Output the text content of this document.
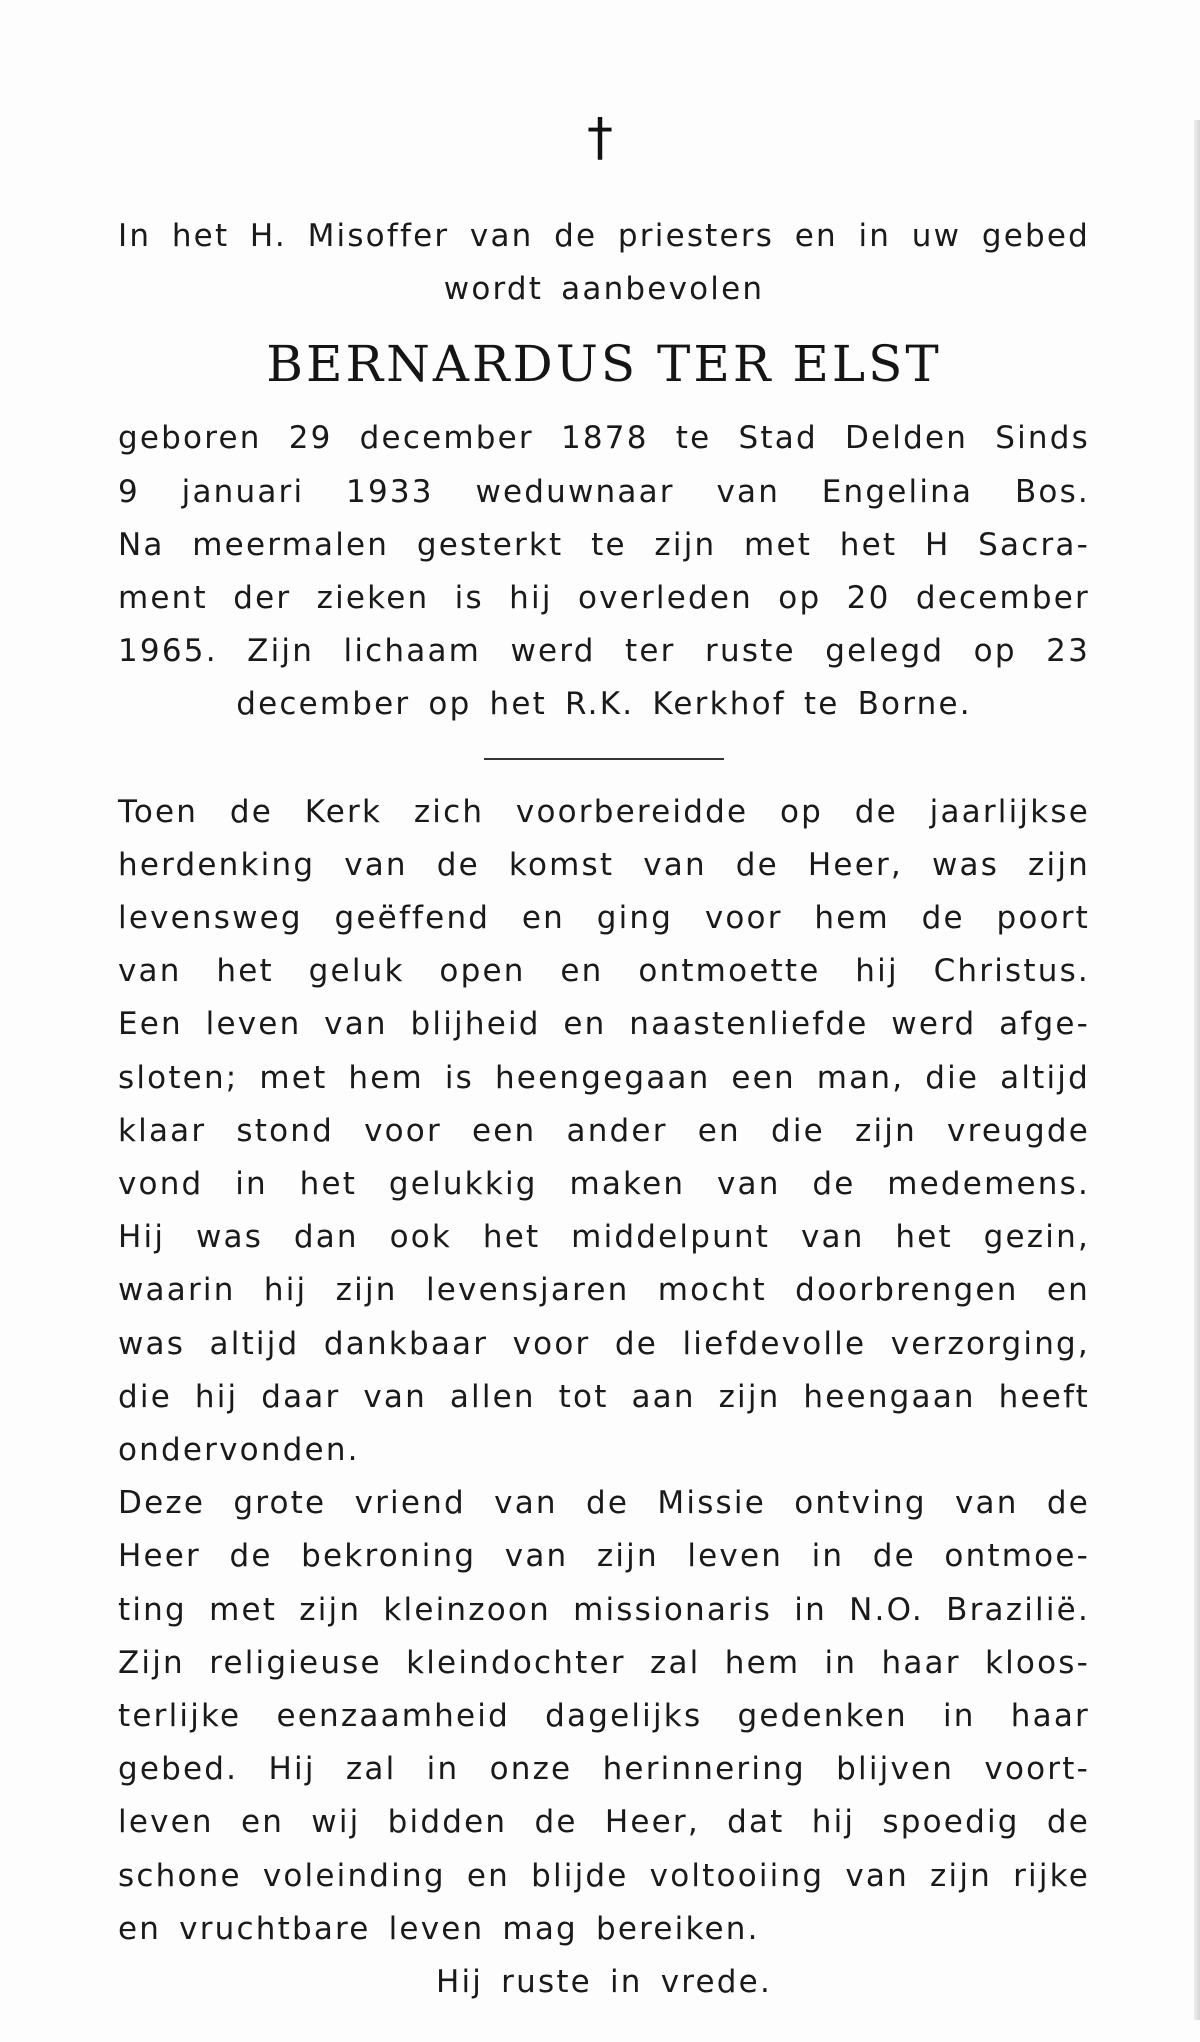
†
In het H. Misoffer van de priesters en in uw gebed
wordt aanbevolen
BERNARDUS TER ELST
geboren 29 december 1878 te Stad Delden Sinds
9 januari 1933 weduwnaar van Engelina Bos.
Na meermalen gesterkt te zijn met het H Sacra-
ment der zieken is hij overleden op 20 december
1965. Zijn lichaam werd ter ruste gelegd op 23
december op het R.K. Kerkhof te Borne.
Toen de Kerk zich voorbereidde op de jaarlijkse
herdenking van de komst van de Heer, was zijn
levensweg geëffend en ging voor hem de poort
van het geluk open en ontmoette hij Christus.
Een leven van blijheid en naastenliefde werd afge-
sloten; met hem is heengegaan een man, die altijd
klaar stond voor een ander en die zijn vreugde
vond in het gelukkig maken van de medemens.
Hij was dan ook het middelpunt van het gezin,
waarin hij zijn levensjaren mocht doorbrengen en
was altijd dankbaar voor de liefdevolle verzorging,
die hij daar van allen tot aan zijn heengaan heeft
ondervonden.
Deze grote vriend van de Missie ontving van de
Heer de bekroning van zijn leven in de ontmoe-
ting met zijn kleinzoon missionaris in N.O. Brazilië.
Zijn religieuse kleindochter zal hem in haar kloos-
terlijke eenzaamheid dagelijks gedenken in haar
gebed. Hij zal in onze herinnering blijven voort-
leven en wij bidden de Heer, dat hij spoedig de
schone voleinding en blijde voltooiing van zijn rijke
en vruchtbare leven mag bereiken.
Hij ruste in vrede.
